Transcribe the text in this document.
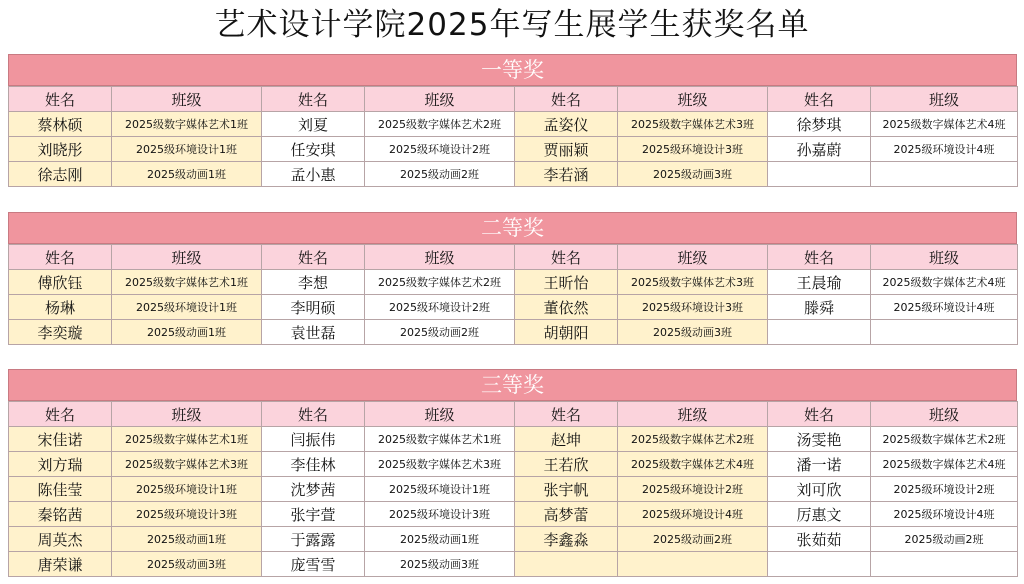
艺术设计学院2025年写生展学生获奖名单
一等奖
姓名	班级	姓名	班级	姓名	班级	姓名	班级
蔡林硕	2025级数字媒体艺术1班	刘夏	2025级数字媒体艺术2班	孟姿仪	2025级数字媒体艺术3班	徐梦琪	2025级数字媒体艺术4班
刘晓彤	2025级环境设计1班	任安琪	2025级环境设计2班	贾丽颖	2025级环境设计3班	孙嘉蔚	2025级环境设计4班
徐志刚	2025级动画1班	孟小惠	2025级动画2班	李若涵	2025级动画3班		
二等奖
姓名	班级	姓名	班级	姓名	班级	姓名	班级
傅欣钰	2025级数字媒体艺术1班	李想	2025级数字媒体艺术2班	王昕怡	2025级数字媒体艺术3班	王晨瑜	2025级数字媒体艺术4班
杨琳	2025级环境设计1班	李明硕	2025级环境设计2班	董依然	2025级环境设计3班	滕舜	2025级环境设计4班
李奕璇	2025级动画1班	袁世磊	2025级动画2班	胡朝阳	2025级动画3班		
三等奖
姓名	班级	姓名	班级	姓名	班级	姓名	班级
宋佳诺	2025级数字媒体艺术1班	闫振伟	2025级数字媒体艺术1班	赵坤	2025级数字媒体艺术2班	汤雯艳	2025级数字媒体艺术2班
刘方瑞	2025级数字媒体艺术3班	李佳林	2025级数字媒体艺术3班	王若欣	2025级数字媒体艺术4班	潘一诺	2025级数字媒体艺术4班
陈佳莹	2025级环境设计1班	沈梦茜	2025级环境设计1班	张宇帆	2025级环境设计2班	刘可欣	2025级环境设计2班
秦铭茜	2025级环境设计3班	张宇萱	2025级环境设计3班	高梦蕾	2025级环境设计4班	厉惠文	2025级环境设计4班
周英杰	2025级动画1班	于露露	2025级动画1班	李鑫淼	2025级动画2班	张茹茹	2025级动画2班
唐荣谦	2025级动画3班	庞雪雪	2025级动画3班				
